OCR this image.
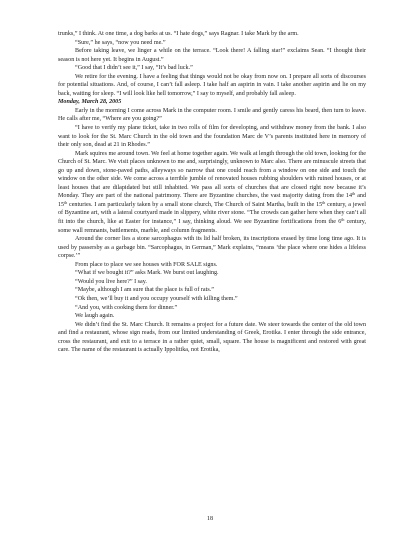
trunks,” I think. At one time, a dog barks at us. “I hate dogs,” says Ragnar. I take Mark by the arm.

“Sure,” he says, “now you need me.”

Before taking leave, we linger a while on the terrace. “Look there! A falling star!” exclaims Sean. “I thought their season is not here yet. It begins in August.”

“Good that I didn’t see it,” I say, “It’s bad luck.”

We retire for the evening. I have a feeling that things would not be okay from now on. I prepare all sorts of discourses for potential situations. And, of course, I can’t fall asleep. I take half an aspirin in vain. I take another aspirin and lie on my back, waiting for sleep. “I will look like hell tomorrow,” I say to myself, and probably fall asleep.

Monday, March 28, 2005

Early in the morning I come across Mark in the computer room. I smile and gently caress his beard, then turn to leave. He calls after me, “Where are you going?”

“I have to verify my plane ticket, take in two rolls of film for developing, and withdraw money from the bank. I also want to look for the St. Marc Church in the old town and the foundation Marc de V’s parents instituted here in memory of their only son, dead at 21 in Rhodes.”

Mark squires me around town. We feel at home together again. We walk at length through the old town, looking for the Church of St. Marc. We visit places unknown to me and, surprisingly, unknown to Marc also. There are minuscule streets that go up and down, stone-paved paths, alleyways so narrow that one could reach from a window on one side and touch the window on the other side. We come across a terrible jumble of renovated houses rubbing shoulders with ruined houses, or at least houses that are dilapidated but still inhabited. We pass all sorts of churches that are closed right now because it’s Monday. They are part of the national patrimony. There are Byzantine churches, the vast majority dating from the 14th and 15th centuries. I am particularly taken by a small stone church, The Church of Saint Martha, built in the 15th century, a jewel of Byzantine art, with a lateral courtyard made in slippery, white river stone. “The crowds can gather here when they can’t all fit into the church, like at Easter for instance,” I say, thinking aloud. We see Byzantine fortifications from the 6th century, some wall remnants, battlements, marble, and column fragments.

Around the corner lies a stone sarcophagus with its lid half broken, its inscriptions erased by time long time ago. It is used by passersby as a garbage bin. “Sarcophagus, in German,” Mark explains, “means ‘the place where one hides a lifeless corpse.’”

From place to place we see houses with FOR SALE signs.

“What if we bought it?” asks Mark. We burst out laughing.

“Would you live here?” I say.

“Maybe, although I am sure that the place is full of rats.”

“Ok then, we’ll buy it and you occupy yourself with killing them.”

“And you, with cooking them for dinner.”

We laugh again.

We didn’t find the St. Marc Church. It remains a project for a future date. We steer towards the center of the old town and find a restaurant, whose sign reads, from our limited understanding of Greek, Erotika. I enter through the side entrance, cross the restaurant, and exit to a terrace in a rather quiet, small, square. The house is magnificent and restored with great care. The name of the restaurant is actually Ippolitika, not Erotika,

18
